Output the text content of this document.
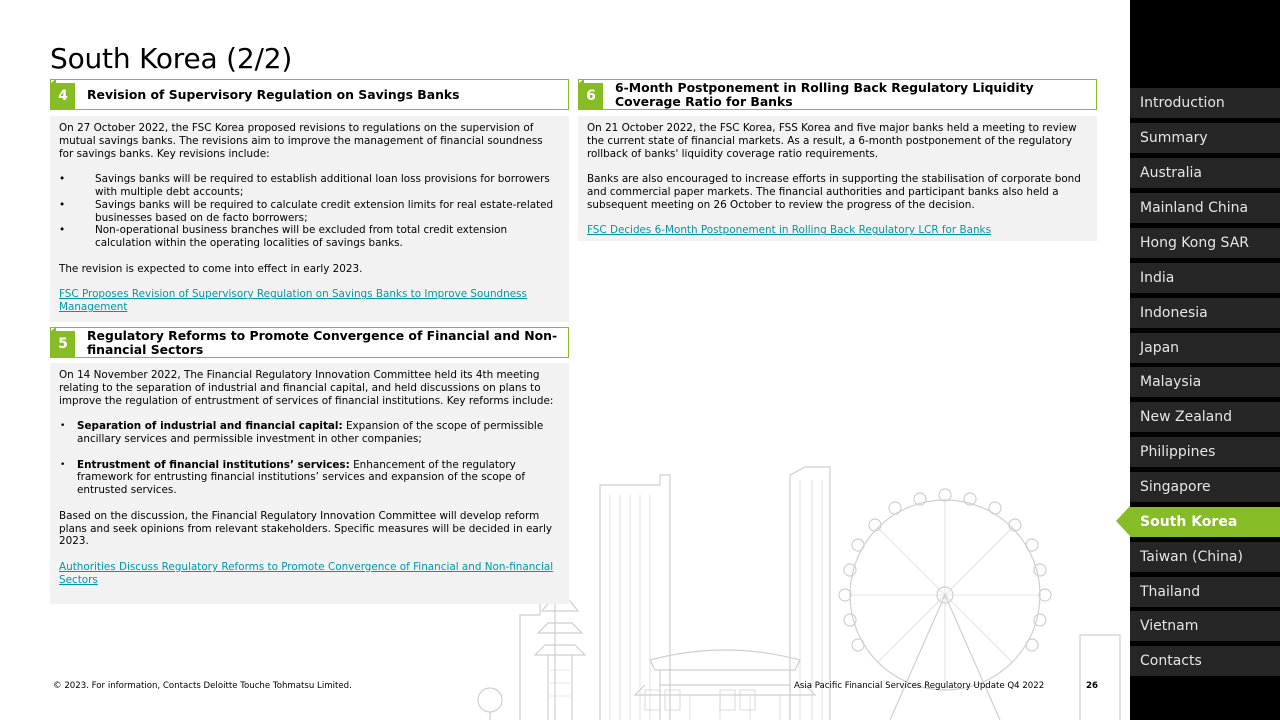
South Korea (2/2)
4	Revision of Supervisory Regulation on Savings Banks

On 27 October 2022, the FSC Korea proposed revisions to regulations on the supervision of mutual savings banks. The revisions aim to improve the management of financial soundness for savings banks. Key revisions include:

• Savings banks will be required to establish additional loan loss provisions for borrowers with multiple debt accounts;
• Savings banks will be required to calculate credit extension limits for real estate-related businesses based on de facto borrowers;
• Non-operational business branches will be excluded from total credit extension calculation within the operating localities of savings banks.

The revision is expected to come into effect in early 2023.

FSC Proposes Revision of Supervisory Regulation on Savings Banks to Improve Soundness Management

5
Regulatory Reforms to Promote Convergence of Financial and Non-financial Sectors

On 14 November 2022, The Financial Regulatory Innovation Committee held its 4th meeting relating to the separation of industrial and financial capital, and held discussions on plans to improve the regulation of entrustment of services of financial institutions. Key reforms include:

• Separation of industrial and financial capital: Expansion of the scope of permissible ancillary services and permissible investment in other companies;
• Entrustment of financial institutions’ services: Enhancement of the regulatory framework for entrusting financial institutions’ services and expansion of the scope of entrusted services.

Based on the discussion, the Financial Regulatory Innovation Committee will develop reform plans and seek opinions from relevant stakeholders. Specific measures will be decided in early 2023.

Authorities Discuss Regulatory Reforms to Promote Convergence of Financial and Non-financial Sectors

6
6-Month Postponement in Rolling Back Regulatory Liquidity Coverage Ratio for Banks

On 21 October 2022, the FSC Korea, FSS Korea and five major banks held a meeting to review the current state of financial markets. As a result, a 6-month postponement of the regulatory rollback of banks' liquidity coverage ratio requirements.

Banks are also encouraged to increase efforts in supporting the stabilisation of corporate bond and commercial paper markets. The financial authorities and participant banks also held a subsequent meeting on 26 October to review the progress of the decision.

FSC Decides 6-Month Postponement in Rolling Back Regulatory LCR for Banks

Introduction
Summary
Australia
Mainland China
Hong Kong SAR
India
Indonesia
Japan
Malaysia
New Zealand
Philippines
Singapore
South Korea
Taiwan (China)
Thailand
Vietnam
Contacts
© 2023. For information, Contacts Deloitte Touche Tohmatsu Limited.	Asia Pacific Financial Services Regulatory Update Q4 2022	26
